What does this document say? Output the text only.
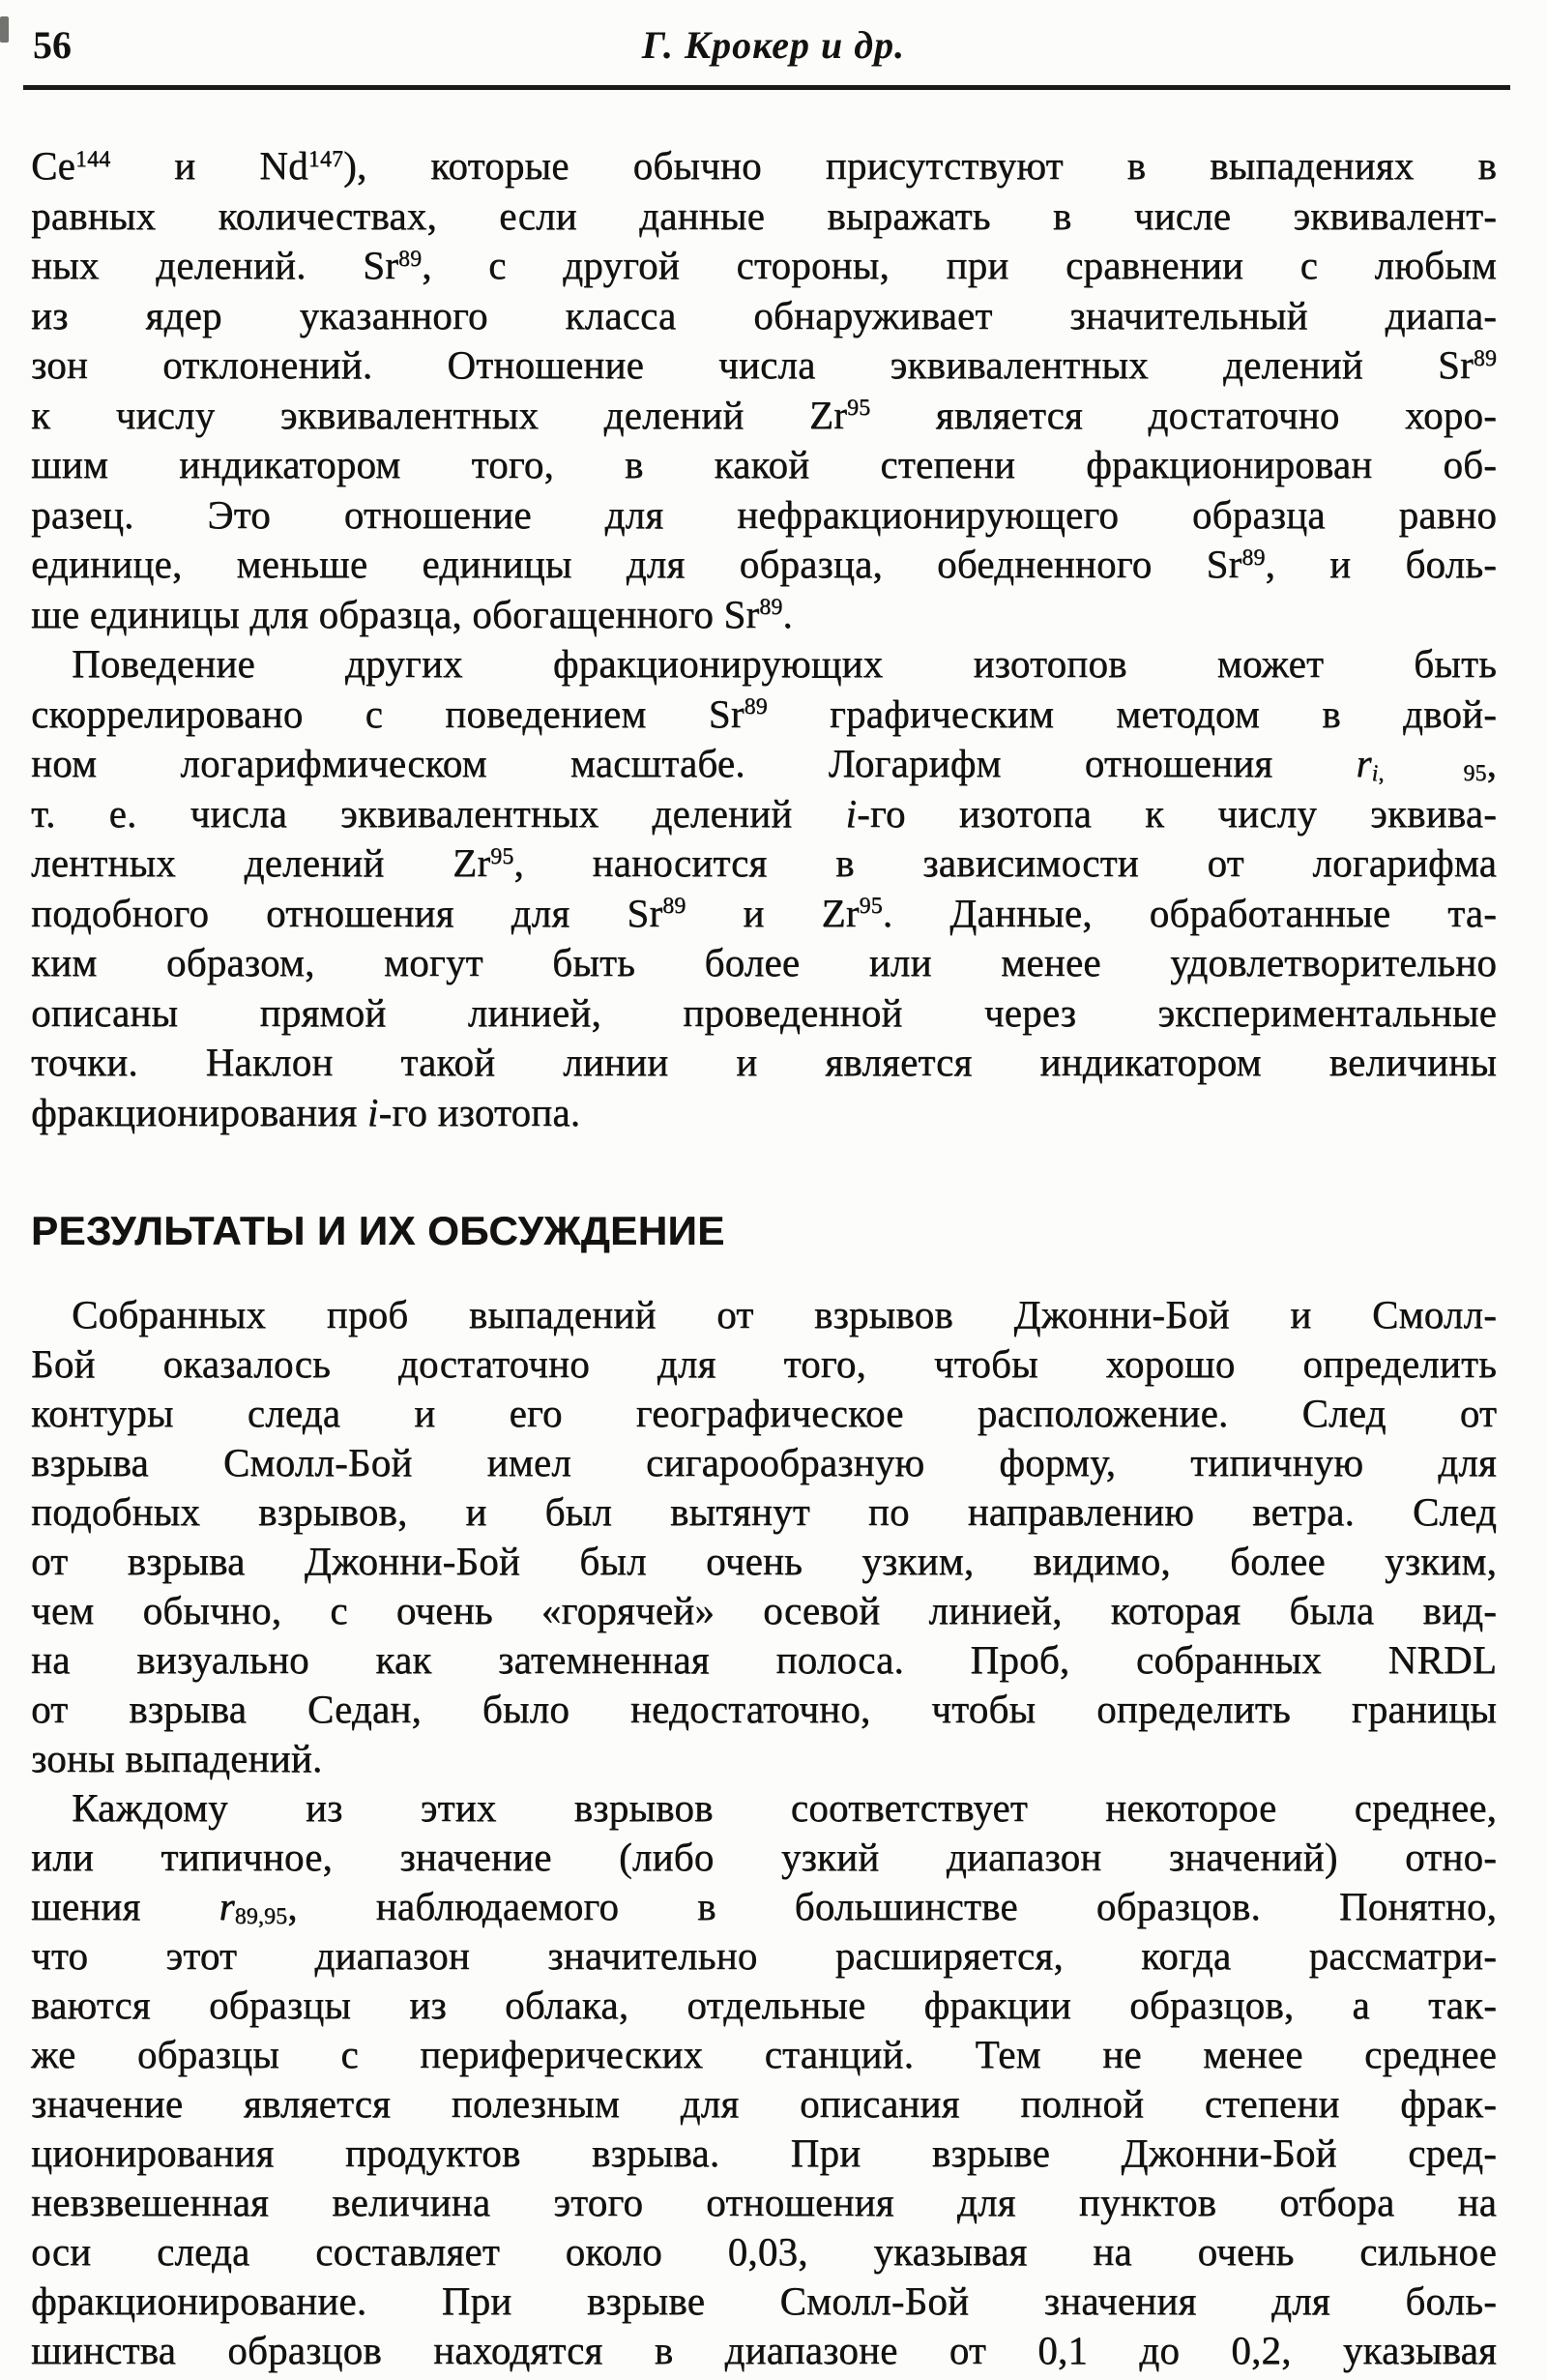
56	Г. Крокер и др.
Ce$^{144}$ и Nd$^{147}$), которые обычно присутствуют в выпадениях в
равных количествах, если данные выражать в числе эквивалент-
ных делений. Sr$^{89}$, с другой стороны, при сравнении с любым
из ядер указанного класса обнаруживает значительный диапа-
зон отклонений. Отношение числа эквивалентных делений Sr$^{89}$
к числу эквивалентных делений Zr$^{95}$ является достаточно хоро-
шим индикатором того, в какой степени фракционирован об-
разец. Это отношение для нефракционирующего образца равно
единице, меньше единицы для образца, обедненного Sr$^{89}$, и боль-
ше единицы для образца, обогащенного Sr$^{89}$.
Поведение других фракционирующих изотопов может быть
скоррелировано с поведением Sr$^{89}$ графическим методом в двой-
ном логарифмическом масштабе. Логарифм отношения $r_{i, 95}$,
т. е. числа эквивалентных делений i-го изотопа к числу эквива-
лентных делений Zr$^{95}$, наносится в зависимости от логарифма
подобного отношения для Sr$^{89}$ и Zr$^{95}$. Данные, обработанные та-
ким образом, могут быть более или менее удовлетворительно
описаны прямой линией, проведенной через экспериментальные
точки. Наклон такой линии и является индикатором величины
фракционирования i-го изотопа.
РЕЗУЛЬТАТЫ И ИХ ОБСУЖДЕНИЕ
Собранных проб выпадений от взрывов Джонни-Бой и Смолл-
Бой оказалось достаточно для того, чтобы хорошо определить
контуры следа и его географическое расположение. След от
взрыва Смолл-Бой имел сигарообразную форму, типичную для
подобных взрывов, и был вытянут по направлению ветра. След
от взрыва Джонни-Бой был очень узким, видимо, более узким,
чем обычно, с очень «горячей» осевой линией, которая была вид-
на визуально как затемненная полоса. Проб, собранных NRDL
от взрыва Седан, было недостаточно, чтобы определить границы
зоны выпадений.
Каждому из этих взрывов соответствует некоторое среднее,
или типичное, значение (либо узкий диапазон значений) отно-
шения $r_{89,95}$, наблюдаемого в большинстве образцов. Понятно,
что этот диапазон значительно расширяется, когда рассматри-
ваются образцы из облака, отдельные фракции образцов, а так-
же образцы с периферических станций. Тем не менее среднее
значение является полезным для описания полной степени фрак-
ционирования продуктов взрыва. При взрыве Джонни-Бой сред-
невзвешенная величина этого отношения для пунктов отбора на
оси следа составляет около 0,03, указывая на очень сильное
фракционирование. При взрыве Смолл-Бой значения для боль-
шинства образцов находятся в диапазоне от 0,1 до 0,2, указывая
